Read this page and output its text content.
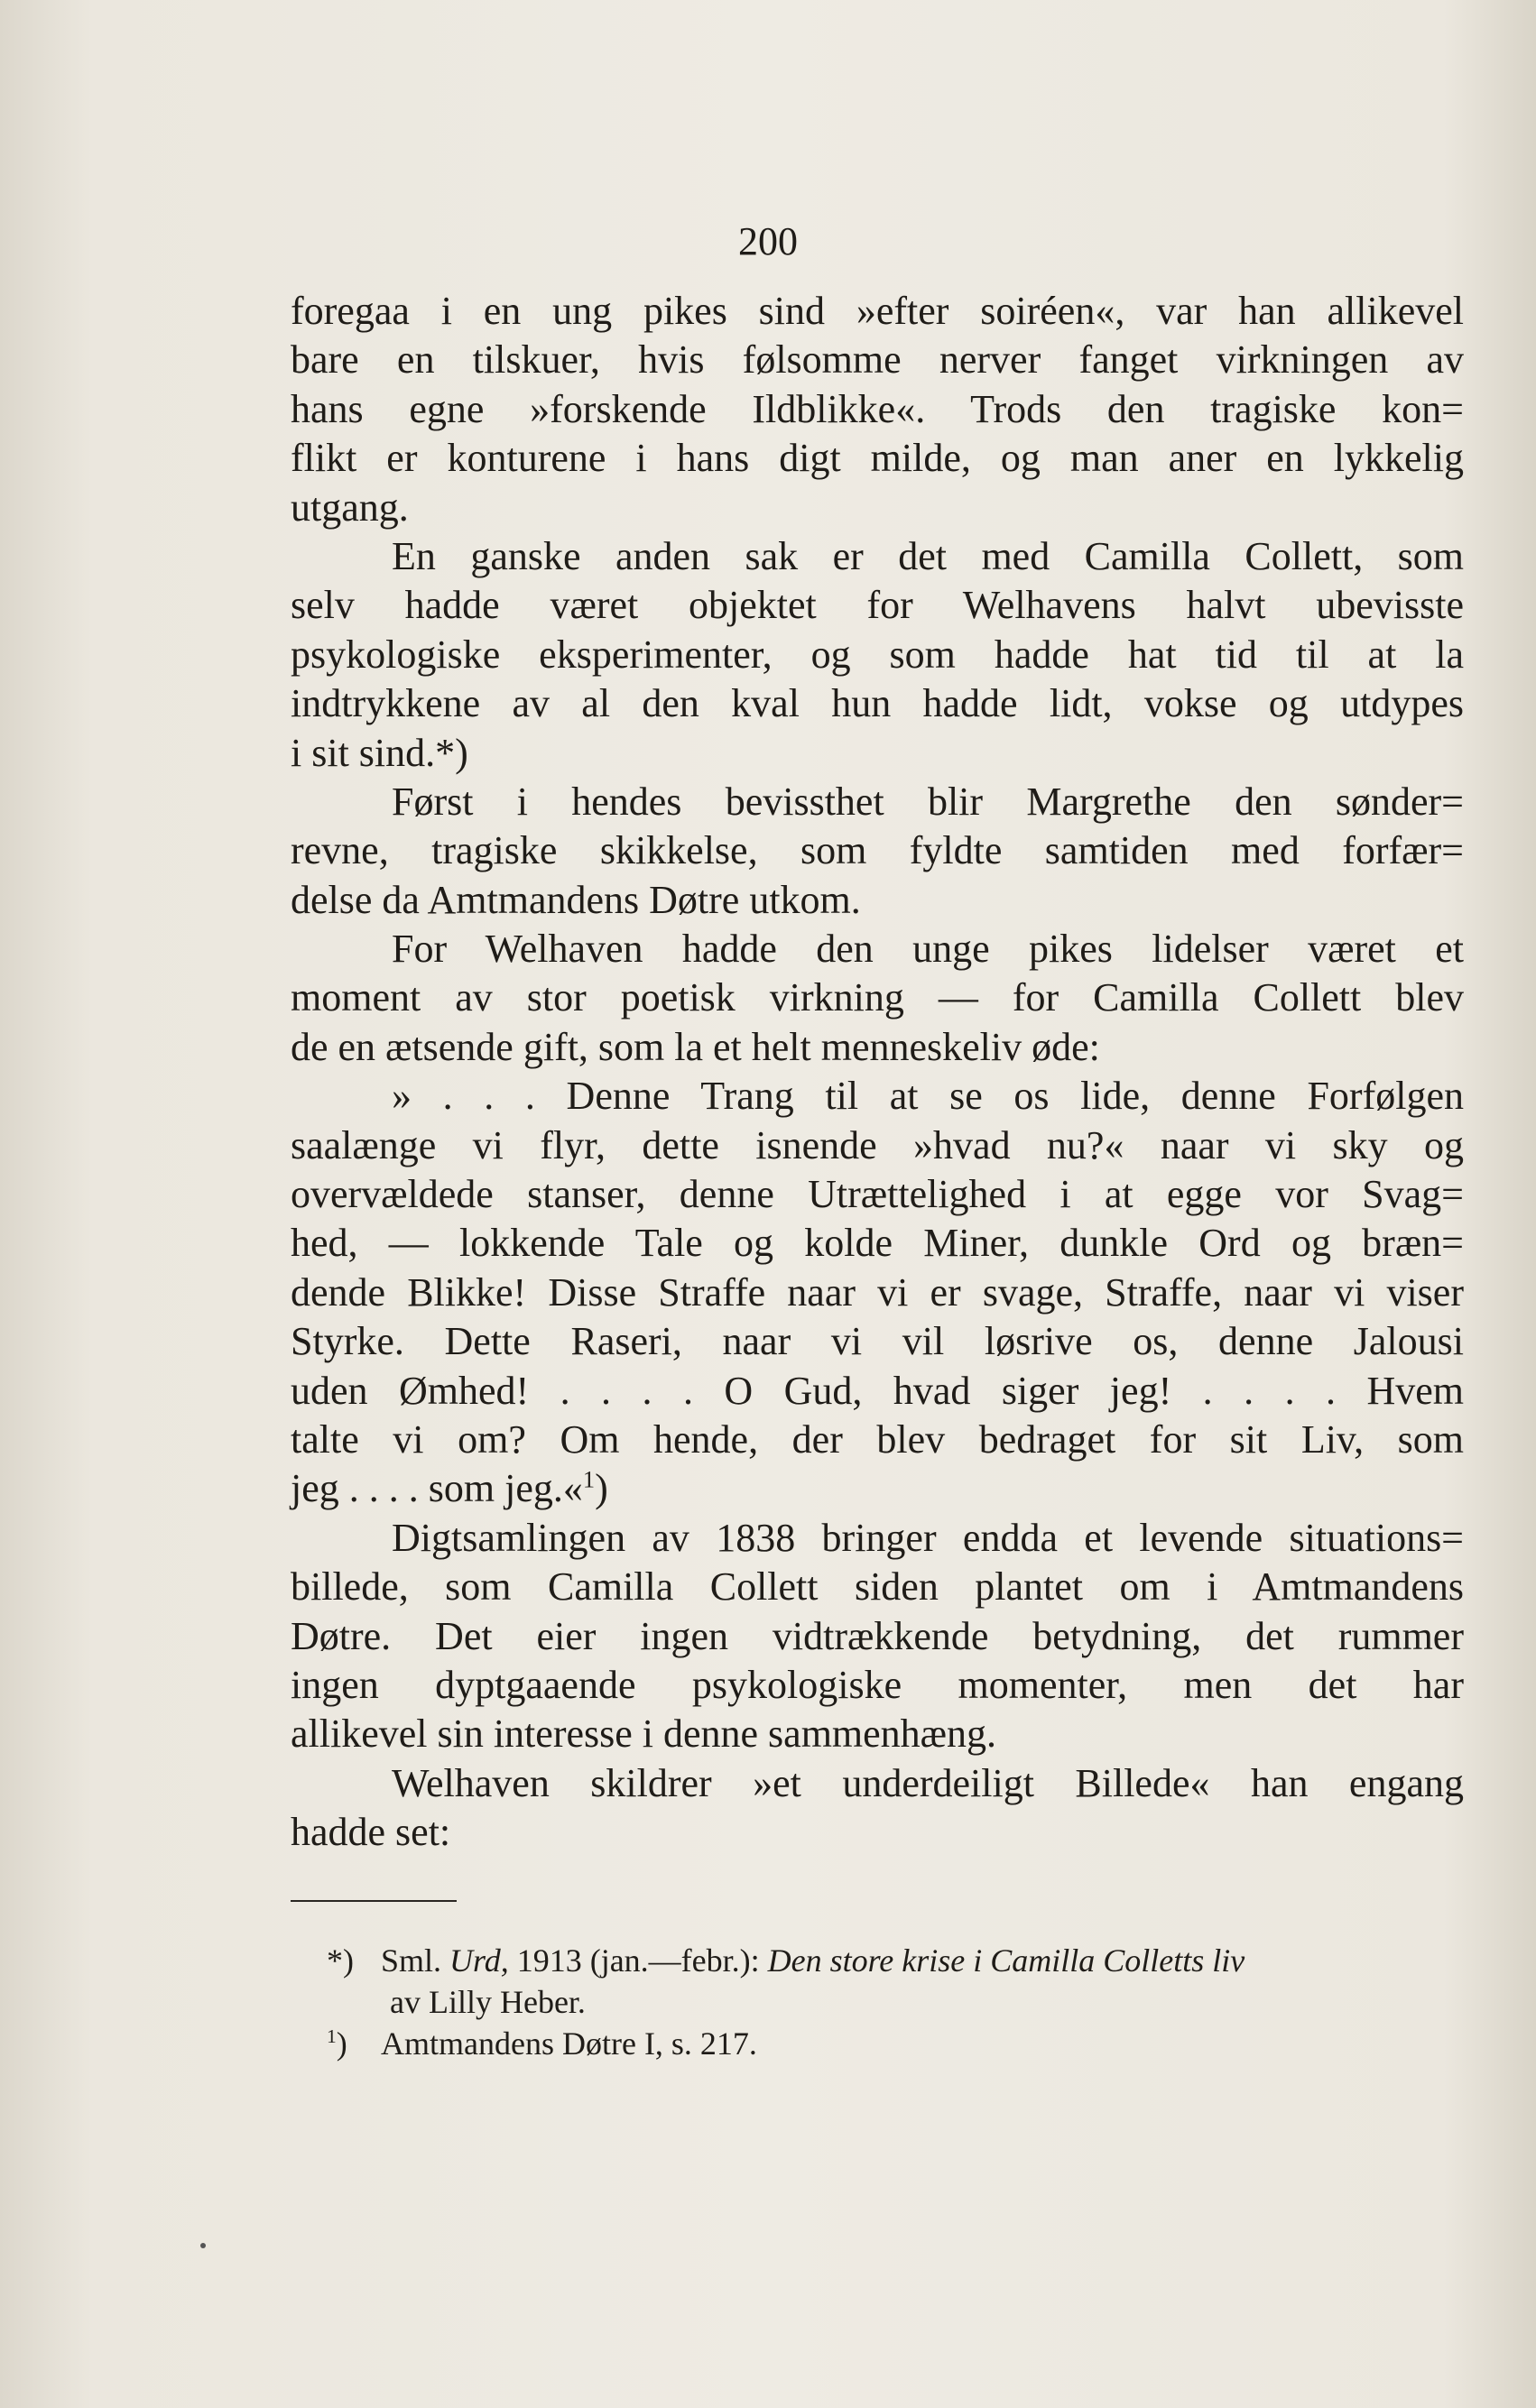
200
foregaa i en ung pikes sind »efter soiréen«, var han allikevel
bare en tilskuer, hvis følsomme nerver fanget virkningen av
hans egne »forskende Ildblikke«. Trods den tragiske kon=
flikt er konturene i hans digt milde, og man aner en lykkelig
utgang.
En ganske anden sak er det med Camilla Collett, som
selv hadde været objektet for Welhavens halvt ubevisste
psykologiske eksperimenter, og som hadde hat tid til at la
indtrykkene av al den kval hun hadde lidt, vokse og utdypes
i sit sind.*)
Først i hendes bevissthet blir Margrethe den sønder=
revne, tragiske skikkelse, som fyldte samtiden med forfær=
delse da Amtmandens Døtre utkom.
For Welhaven hadde den unge pikes lidelser været et
moment av stor poetisk virkning — for Camilla Collett blev
de en ætsende gift, som la et helt menneskeliv øde:
» . . . Denne Trang til at se os lide, denne Forfølgen
saalænge vi flyr, dette isnende »hvad nu?« naar vi sky og
overvældede stanser, denne Utrættelighed i at egge vor Svag=
hed, — lokkende Tale og kolde Miner, dunkle Ord og bræn=
dende Blikke! Disse Straffe naar vi er svage, Straffe, naar vi viser
Styrke. Dette Raseri, naar vi vil løsrive os, denne Jalousi
uden Ømhed! . . . . O Gud, hvad siger jeg! . . . . Hvem
talte vi om? Om hende, der blev bedraget for sit Liv, som
jeg . . . . som jeg.«$^1$)
Digtsamlingen av 1838 bringer endda et levende situations=
billede, som Camilla Collett siden plantet om i Amtmandens
Døtre. Det eier ingen vidtrækkende betydning, det rummer
ingen dyptgaaende psykologiske momenter, men det har
allikevel sin interesse i denne sammenhæng.
Welhaven skildrer »et underdeiligt Billede« han engang
hadde set:
*) Sml. Urd, 1913 (jan.—febr.): Den store krise i Camilla Colletts liv
av Lilly Heber.
$^1$) Amtmandens Døtre I, s. 217.
